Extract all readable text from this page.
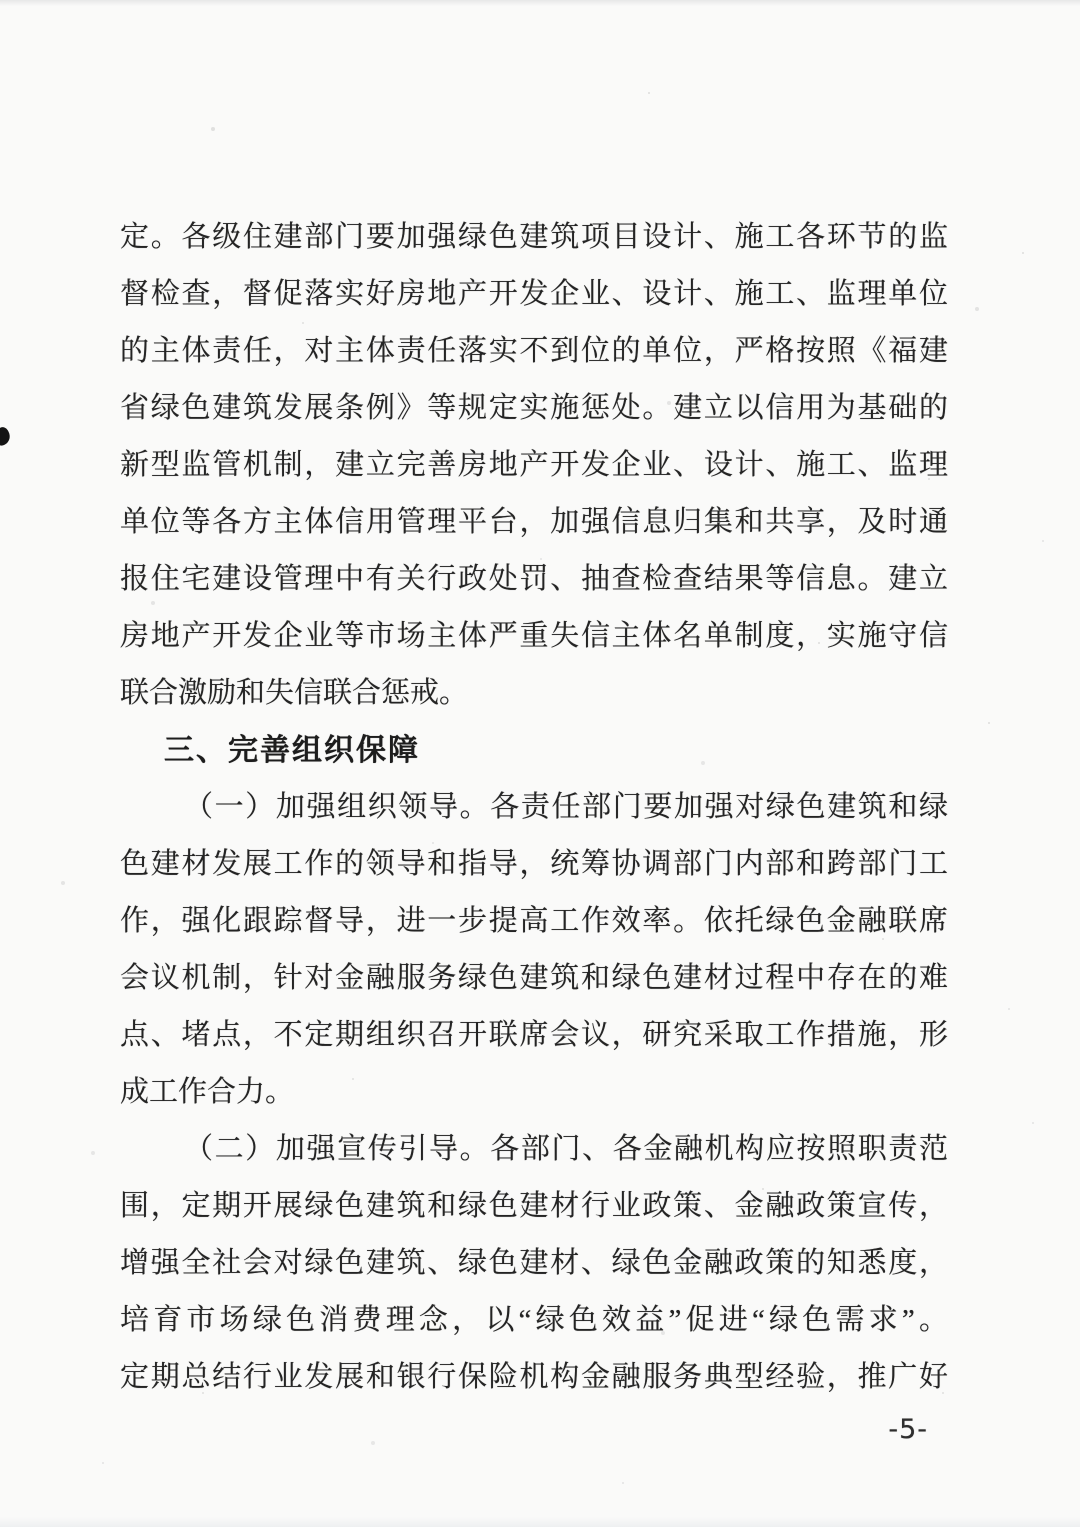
定。各级住建部门要加强绿色建筑项目设计、施工各环节的监
督检查，督促落实好房地产开发企业、设计、施工、监理单位
的主体责任，对主体责任落实不到位的单位，严格按照《福建
省绿色建筑发展条例》等规定实施惩处。建立以信用为基础的
新型监管机制，建立完善房地产开发企业、设计、施工、监理
单位等各方主体信用管理平台，加强信息归集和共享，及时通
报住宅建设管理中有关行政处罚、抽查检查结果等信息。建立
房地产开发企业等市场主体严重失信主体名单制度，实施守信
联合激励和失信联合惩戒。
三、完善组织保障
（一）加强组织领导。各责任部门要加强对绿色建筑和绿
色建材发展工作的领导和指导，统筹协调部门内部和跨部门工
作，强化跟踪督导，进一步提高工作效率。依托绿色金融联席
会议机制，针对金融服务绿色建筑和绿色建材过程中存在的难
点、堵点，不定期组织召开联席会议，研究采取工作措施，形
成工作合力。
（二）加强宣传引导。各部门、各金融机构应按照职责范
围，定期开展绿色建筑和绿色建材行业政策、金融政策宣传，
增强全社会对绿色建筑、绿色建材、绿色金融政策的知悉度，
培育市场绿色消费理念，以“绿色效益”促进“绿色需求”。
定期总结行业发展和银行保险机构金融服务典型经验，推广好
-5-
